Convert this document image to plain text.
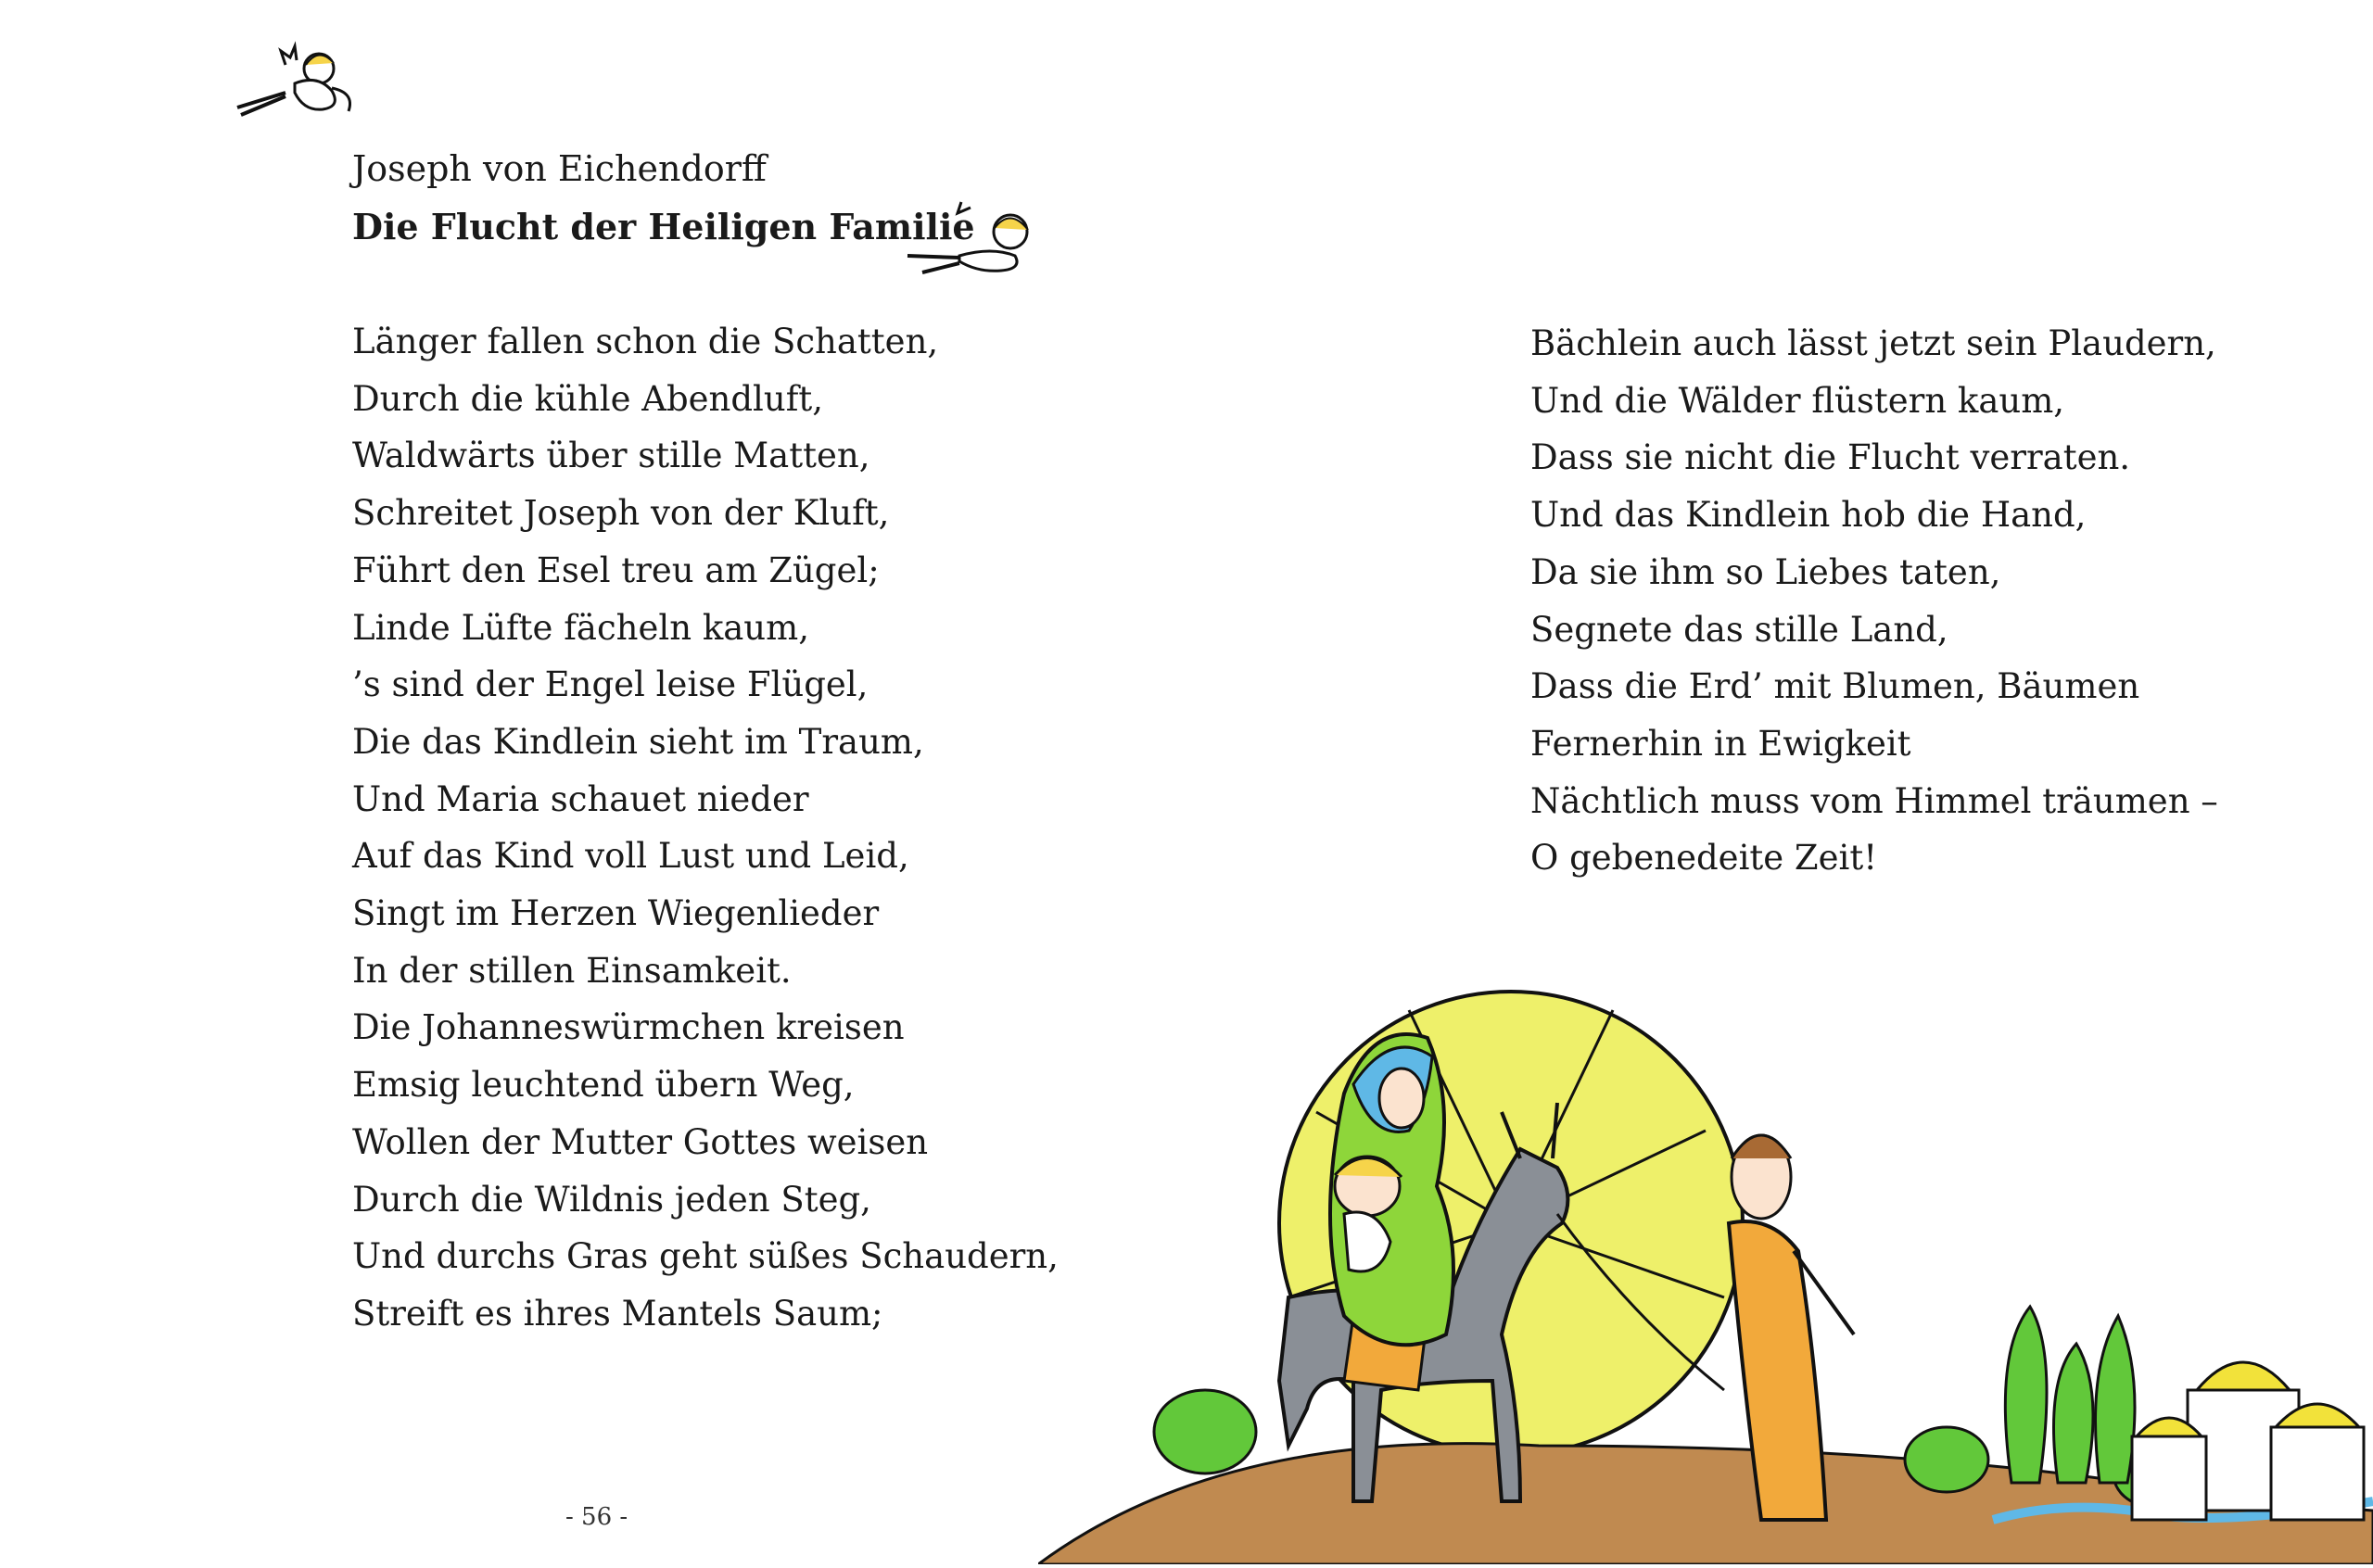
Joseph von Eichendorff
Die Flucht der Heiligen Familie
Länger fallen schon die Schatten,
Durch die kühle Abendluft,
Waldwärts über stille Matten,
Schreitet Joseph von der Kluft,
Führt den Esel treu am Zügel;
Linde Lüfte fächeln kaum,
’s sind der Engel leise Flügel,
Die das Kindlein sieht im Traum,
Und Maria schauet nieder
Auf das Kind voll Lust und Leid,
Singt im Herzen Wiegenlieder
In der stillen Einsamkeit.
Die Johanneswürmchen kreisen
Emsig leuchtend übern Weg,
Wollen der Mutter Gottes weisen
Durch die Wildnis jeden Steg,
Und durchs Gras geht süßes Schaudern,
Streift es ihres Mantels Saum;
Bächlein auch lässt jetzt sein Plaudern,
Und die Wälder flüstern kaum,
Dass sie nicht die Flucht verraten.
Und das Kindlein hob die Hand,
Da sie ihm so Liebes taten,
Segnete das stille Land,
Dass die Erd’ mit Blumen, Bäumen
Fernerhin in Ewigkeit
Nächtlich muss vom Himmel träumen –
O gebenedeite Zeit!
- 56 -
